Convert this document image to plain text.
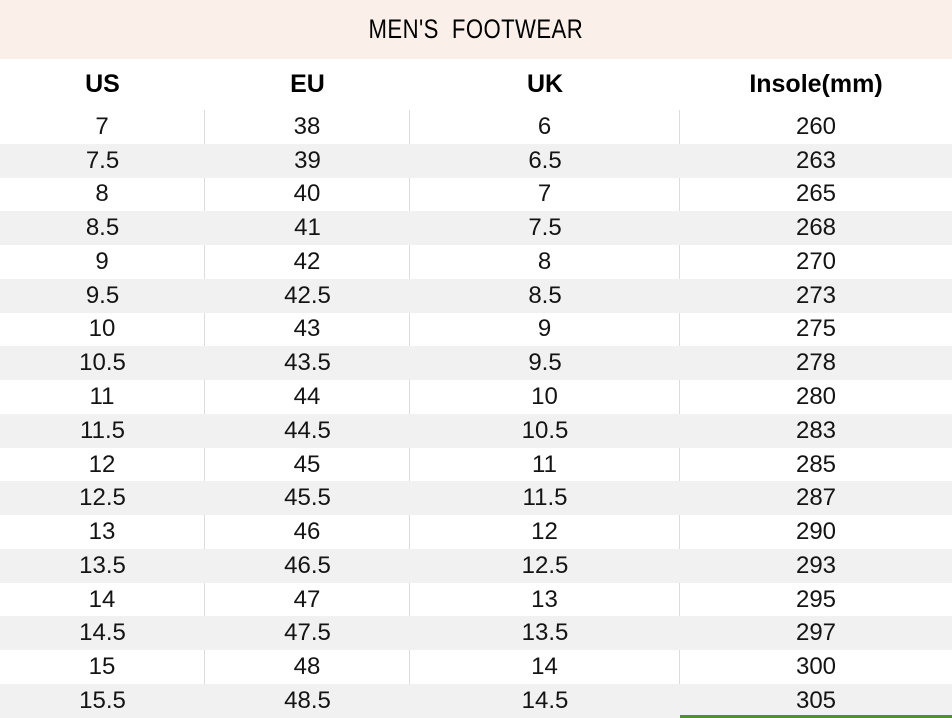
MEN'S  FOOTWEAR
US	EU	UK	Insole(mm)
7	38	6	260
7.5	39	6.5	263
8	40	7	265
8.5	41	7.5	268
9	42	8	270
9.5	42.5	8.5	273
10	43	9	275
10.5	43.5	9.5	278
11	44	10	280
11.5	44.5	10.5	283
12	45	11	285
12.5	45.5	11.5	287
13	46	12	290
13.5	46.5	12.5	293
14	47	13	295
14.5	47.5	13.5	297
15	48	14	300
15.5	48.5	14.5	305
